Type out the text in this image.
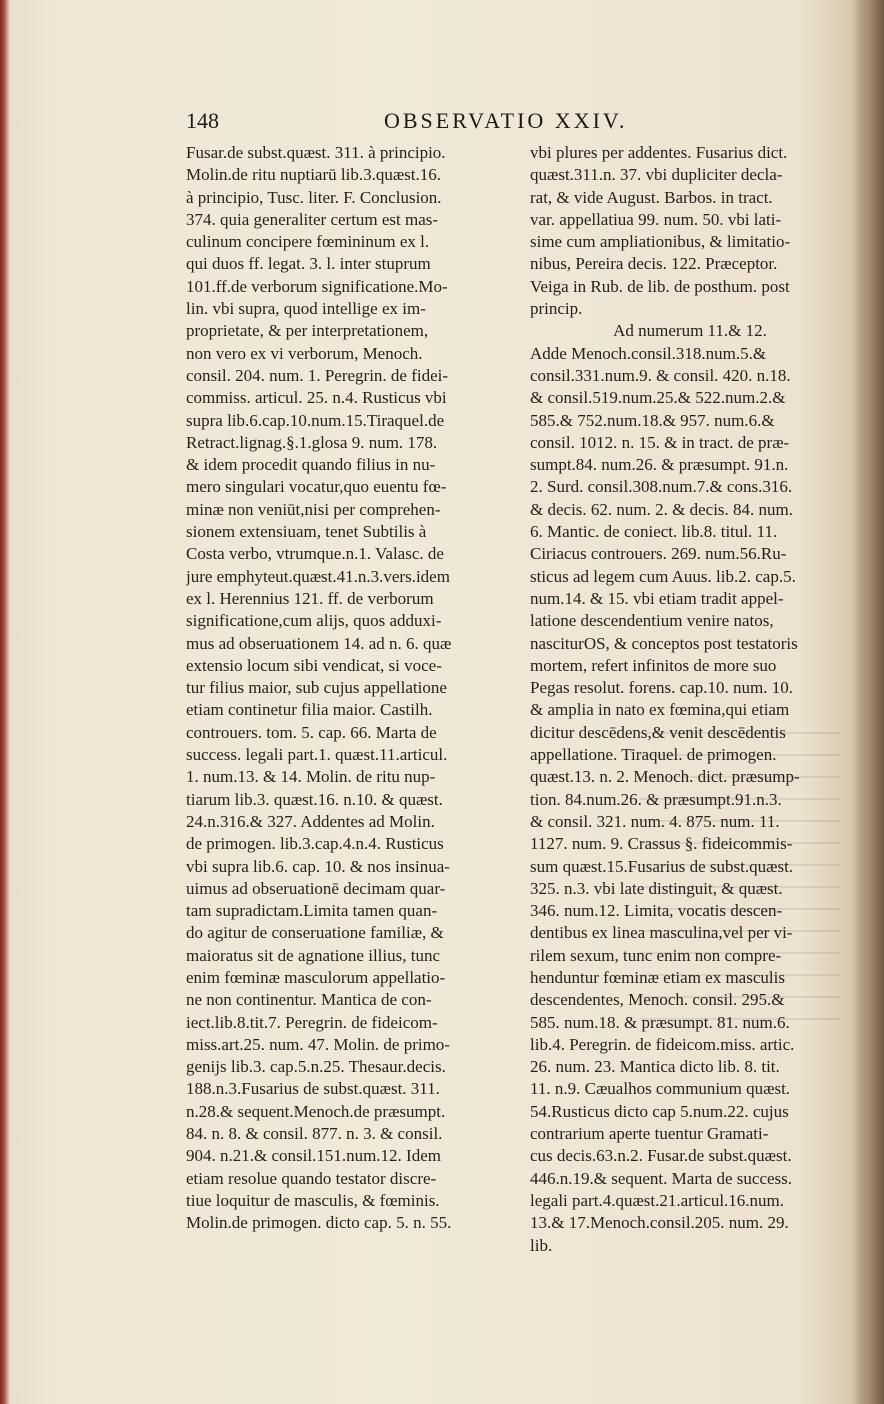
148	OBSERVATIO XXIV.
Fusar.de subst.quæst. 311. à principio.
Molin.de ritu nuptiarū lib.3.quæst.16.
à principio, Tusc. liter. F. Conclusion.
374. quia generaliter certum est mas-
culinum concipere fœmininum ex l.
qui duos ff. legat. 3. l. inter stuprum
101.ff.de verborum significatione.Mo-
lin. vbi supra, quod intellige ex im-
proprietate, & per interpretationem,
non vero ex vi verborum, Menoch.
consil. 204. num. 1. Peregrin. de fidei-
commiss. articul. 25. n.4. Rusticus vbi
supra lib.6.cap.10.num.15.Tiraquel.de
Retract.lignag.§.1.glosa 9. num. 178.
& idem procedit quando filius in nu-
mero singulari vocatur,quo euentu fœ-
minæ non veniūt,nisi per comprehen-
sionem extensiuam, tenet Subtilis à
Costa verbo, vtrumque.n.1. Valasc. de
jure emphyteut.quæst.41.n.3.vers.idem
ex l. Herennius 121. ff. de verborum
significatione,cum alijs, quos adduxi-
mus ad obseruationem 14. ad n. 6. quæ
extensio locum sibi vendicat, si voce-
tur filius maior, sub cujus appellatione
etiam continetur filia maior. Castilh.
controuers. tom. 5. cap. 66. Marta de
success. legali part.1. quæst.11.articul.
1. num.13. & 14. Molin. de ritu nup-
tiarum lib.3. quæst.16. n.10. & quæst.
24.n.316.& 327. Addentes ad Molin.
de primogen. lib.3.cap.4.n.4. Rusticus
vbi supra lib.6. cap. 10. & nos insinua-
uimus ad obseruationē decimam quar-
tam supradictam.Limita tamen quan-
do agitur de conseruatione familiæ, &
maioratus sit de agnatione illius, tunc
enim fœminæ masculorum appellatio-
ne non continentur. Mantica de con-
iect.lib.8.tit.7. Peregrin. de fideicom-
miss.art.25. num. 47. Molin. de primo-
genijs lib.3. cap.5.n.25. Thesaur.decis.
188.n.3.Fusarius de subst.quæst. 311.
n.28.& sequent.Menoch.de præsumpt.
84. n. 8. & consil. 877. n. 3. & consil.
904. n.21.& consil.151.num.12. Idem
etiam resolue quando testator discre-
tiue loquitur de masculis, & fœminis.
Molin.de primogen. dicto cap. 5. n. 55.
vbi plures per addentes. Fusarius dict.
quæst.311.n. 37. vbi dupliciter decla-
rat, & vide August. Barbos. in tract.
var. appellatiua 99. num. 50. vbi lati-
sime cum ampliationibus, & limitatio-
nibus, Pereira decis. 122. Præceptor.
Veiga in Rub. de lib. de posthum. post
princip.
Ad numerum 11.& 12.
Adde Menoch.consil.318.num.5.&
consil.331.num.9. & consil. 420. n.18.
& consil.519.num.25.& 522.num.2.&
585.& 752.num.18.& 957. num.6.&
consil. 1012. n. 15. & in tract. de præ-
sumpt.84. num.26. & præsumpt. 91.n.
2. Surd. consil.308.num.7.& cons.316.
& decis. 62. num. 2. & decis. 84. num.
6. Mantic. de coniect. lib.8. titul. 11.
Ciriacus controuers. 269. num.56.Ru-
sticus ad legem cum Auus. lib.2. cap.5.
num.14. & 15. vbi etiam tradit appel-
latione descendentium venire natos,
nasciturOS, & conceptos post testatoris
mortem, refert infinitos de more suo
Pegas resolut. forens. cap.10. num. 10.
& amplia in nato ex fœmina,qui etiam
dicitur descēdens,& venit descēdentis
appellatione. Tiraquel. de primogen.
quæst.13. n. 2. Menoch. dict. præsump-
tion. 84.num.26. & præsumpt.91.n.3.
& consil. 321. num. 4. 875. num. 11.
1127. num. 9. Crassus §. fideicommis-
sum quæst.15.Fusarius de subst.quæst.
325. n.3. vbi late distinguit, & quæst.
346. num.12. Limita, vocatis descen-
dentibus ex linea masculina,vel per vi-
rilem sexum, tunc enim non compre-
henduntur fœminæ etiam ex masculis
descendentes, Menoch. consil. 295.&
585. num.18. & præsumpt. 81. num.6.
lib.4. Peregrin. de fideicom.miss. artic.
26. num. 23. Mantica dicto lib. 8. tit.
11. n.9. Cæualhos communium quæst.
54.Rusticus dicto cap 5.num.22. cujus
contrarium aperte tuentur Gramati-
cus decis.63.n.2. Fusar.de subst.quæst.
446.n.19.& sequent. Marta de success.
legali part.4.quæst.21.articul.16.num.
13.& 17.Menoch.consil.205. num. 29.
lib.
